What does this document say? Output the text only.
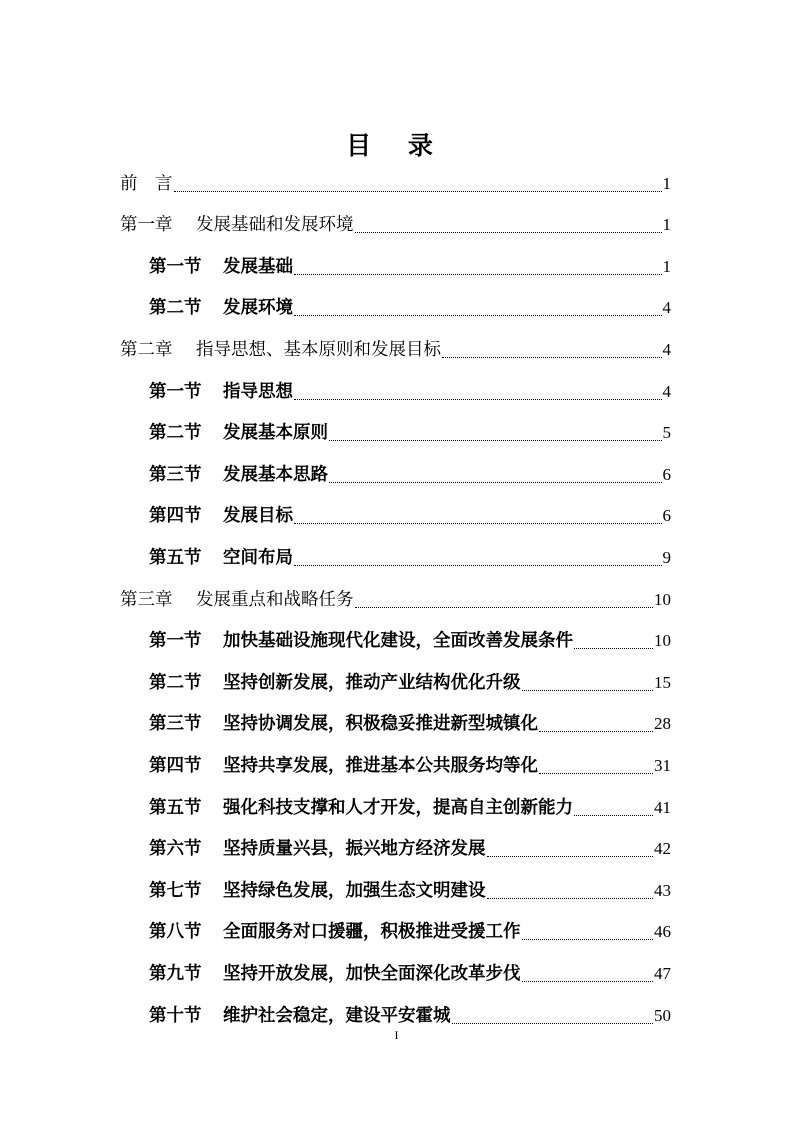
目 录
前　言	1
第一章	发展基础和发展环境	1
第一节	发展基础	1
第二节	发展环境	4
第二章	指导思想、基本原则和发展目标	4
第一节	指导思想	4
第二节	发展基本原则	5
第三节	发展基本思路	6
第四节	发展目标	6
第五节	空间布局	9
第三章	发展重点和战略任务	10
第一节	加快基础设施现代化建设，全面改善发展条件	10
第二节	坚持创新发展，推动产业结构优化升级	15
第三节	坚持协调发展，积极稳妥推进新型城镇化	28
第四节	坚持共享发展，推进基本公共服务均等化	31
第五节	强化科技支撑和人才开发，提高自主创新能力	41
第六节	坚持质量兴县，振兴地方经济发展	42
第七节	坚持绿色发展，加强生态文明建设	43
第八节	全面服务对口援疆，积极推进受援工作	46
第九节	坚持开放发展，加快全面深化改革步伐	47
第十节	维护社会稳定，建设平安霍城	50
I
